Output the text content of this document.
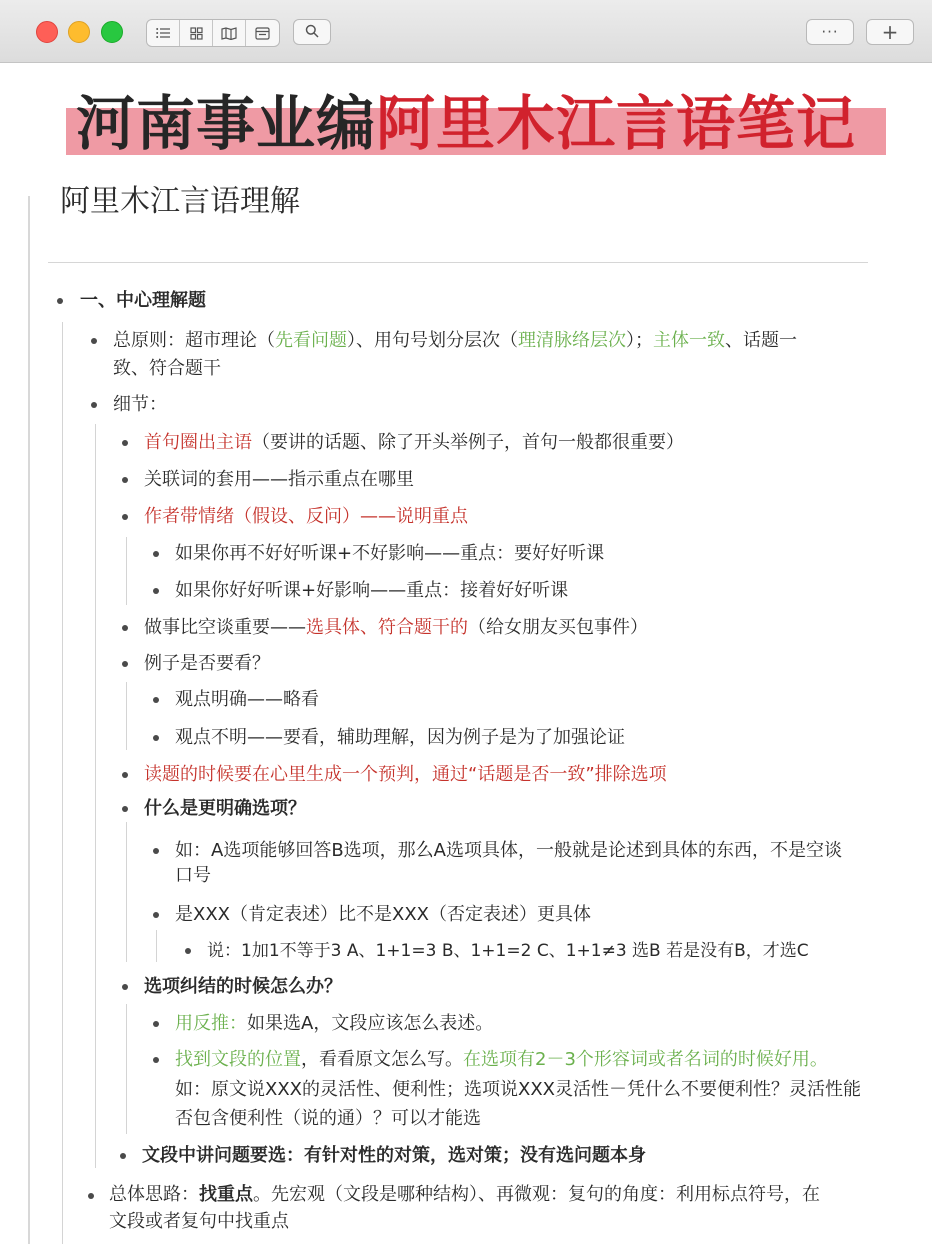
···	+
河南事业编阿里木江言语笔记
阿里木江言语理解
一、中心理解题
总原则：超市理论（先看问题）、用句号划分层次（理清脉络层次）；主体一致、话题一
致、符合题干
细节：
首句圈出主语（要讲的话题、除了开头举例子，首句一般都很重要）
关联词的套用——指示重点在哪里
作者带情绪（假设、反问）——说明重点
如果你再不好好听课+不好影响——重点：要好好听课
如果你好好听课+好影响——重点：接着好好听课
做事比空谈重要——选具体、符合题干的（给女朋友买包事件）
例子是否要看？
观点明确——略看
观点不明——要看，辅助理解，因为例子是为了加强论证
读题的时候要在心里生成一个预判，通过“话题是否一致”排除选项
什么是更明确选项？
如：A选项能够回答B选项，那么A选项具体，一般就是论述到具体的东西，不是空谈
口号
是XXX（肯定表述）比不是XXX（否定表述）更具体
说：1加1不等于3 A、1+1=3 B、1+1=2 C、1+1≠3 选B 若是没有B，才选C
选项纠结的时候怎么办？
用反推：如果选A，文段应该怎么表述。
找到文段的位置，看看原文怎么写。在选项有2－3个形容词或者名词的时候好用。
如：原文说XXX的灵活性、便利性；选项说XXX灵活性－凭什么不要便利性？灵活性能
否包含便利性（说的通）？可以才能选
文段中讲问题要选：有针对性的对策，选对策；没有选问题本身
总体思路：找重点。先宏观（文段是哪种结构）、再微观：复句的角度：利用标点符号，在
文段或者复句中找重点
